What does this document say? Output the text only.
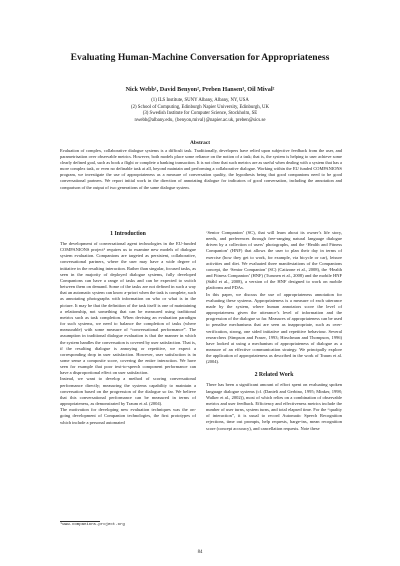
Evaluating Human-Machine Conversation for Appropriateness
Nick Webb¹, David Benyon², Preben Hansen³, Oil Mival²
(1) ILS Institute, SUNY Albany, Albany, NY, USA
(2) School of Computing, Edinburgh Napier University, Edinburgh, UK
(3) Swedish Institute for Computer Science, Stockholm, SE
nwebb@albany.edu, {benyon,mival}@napier.ac.uk, preben@sics.se
Abstract
Evaluation of complex, collaborative dialogue systems is a difficult task. Traditionally, developers have relied upon subjective feedback from the user, and parametrisation over observable metrics. However, both models place some reliance on the notion of a task; that is, the system is helping to user achieve some clearly defined goal, such as book a flight or complete a banking transaction. It is not clear that such metrics are as useful when dealing with a system that has a more complex task, or even no definable task at all, beyond maintain and performing a collaborative dialogue. Working within the EU funded COMPANIONS program, we investigate the use of appropriateness as a measure of conversation quality, the hypothesis being that good companions need to be good conversational partners. We report initial work in the direction of annotating dialogue for indicators of good conversation, including the annotation and comparison of the output of two generations of the same dialogue system.
1 Introduction

The development of conversational agent technologies in the EU-funded COMPANIONS project¹ requires us to examine new models of dialogue system evaluation. Companions are targeted as persistent, collaborative, conversational partners, where the user may have a wide degree of initiative in the resulting interaction. Rather than singular, focused tasks, as seen in the majority of deployed dialogue systems, fully developed Companions can have a range of tasks and can be expected to switch between them on demand. Some of the tasks are not defined in such a way that an automatic system can know a-priori when the task is complete, such as annotating photographs with information on who or what is in the picture. It may be that the definition of the task itself is one of maintaining a relationship, not something that can be measured using traditional metrics such as task completion. When devising an evaluation paradigm for such systems, we need to balance the completion of tasks (where measurable) with some measure of “conversational performance”. The assumption in traditional dialogue evaluation is that the manner in which the system handles the conversation is covered by user satisfaction. That is, if the resulting dialogue is annoying or repetitive, we expect a corresponding drop in user satisfaction. However, user satisfaction is in some sense a composite score, covering the entire interaction. We have seen for example that poor text-to-speech component performance can have a disproportional effect on user satisfaction.

Instead, we want to develop a method of scoring conversational performance directly; measuring the systems capability to maintain a conversation based on the progression of the dialogue so far. We believe that this conversational performance can be measured in terms of appropriateness, as demonstrated by Traum et al. (2004).

The motivation for developing new evaluation techniques was the on-going development of Companion technologies, the first prototypes of which include a personal automated

‘Senior Companion’ (SC), that will learn about its owner’s life story, needs, and preferences through free-ranging natural language dialogue driven by a collection of users’ photographs, and the ‘Health and Fitness Companion’ (HNF) that allows the user to plan their day in terms of exercise (how they get to work, for example, via bicycle or car), leisure activities and diet. We evaluated three manifestations of the Companions concept, the ‘Senior Companion’ (SC) (Catizone et al., 2008), the ‘Health and Fitness Companion’ (HNF) (Turunen et al., 2008) and the mobile HNF (Ståhl et al., 2008), a version of the HNF designed to work on mobile platforms and PDAs.

In this paper, we discuss the use of appropriateness annotation for evaluating these systems. Appropriateness is a measure of each utterance made by the system, where human annotators score the level of appropriateness given the utterance’s level of information and the progression of the dialogue so far. Measures of appropriateness can be used to penalise mechanisms that are seen as inappropriate, such as over-verification, strong, one sided initiative and repetitive behaviour. Several researchers (Simpson and Fraser, 1993; Hirschman and Thompson, 1996) have looked at using a mechanism of appropriateness of dialogue as a measure of an effective communication strategy. We principally explore the application of appropriateness as described in the work of Traum et al. (2004).

2 Related Work

There has been a significant amount of effort spent on evaluating spoken language dialogue systems (cf. (Danieli and Gerbino, 1995; Minker, 1998; Walker et al., 2002)), most of which relies on a combination of observable metrics and user feedback. Efficiency and effectiveness metrics include the number of user turns, system turns, and total elapsed time. For the “quality of interaction”, it is usual to record Automatic Speech Recognition rejections, time out prompts, help requests, barge-ins, mean recognition score (concept accuracy), and cancellation requests. Note these

¹www.companions-project.org
84
